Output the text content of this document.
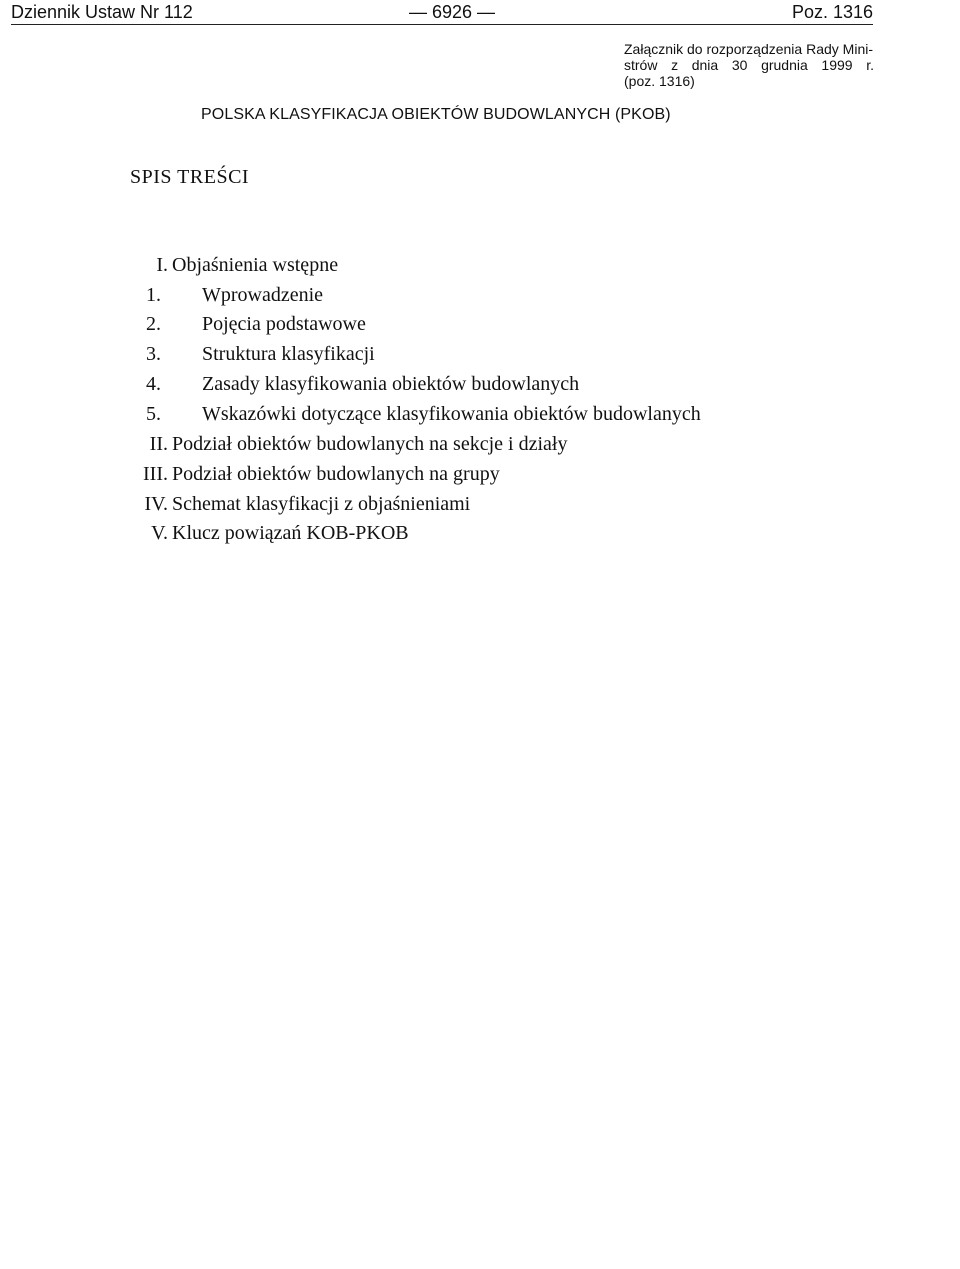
Dziennik Ustaw Nr 112	— 6926 —	Poz. 1316
Załącznik do rozporządzenia Rady Mini-
strów z dnia 30 grudnia 1999 r.
(poz. 1316)
POLSKA KLASYFIKACJA OBIEKTÓW BUDOWLANYCH (PKOB)
SPIS TREŚCI
I. Objaśnienia wstępne
1. Wprowadzenie
2. Pojęcia podstawowe
3. Struktura klasyfikacji
4. Zasady klasyfikowania obiektów budowlanych
5. Wskazówki dotyczące klasyfikowania obiektów budowlanych
II. Podział obiektów budowlanych na sekcje i działy
III. Podział obiektów budowlanych na grupy
IV. Schemat klasyfikacji z objaśnieniami
V. Klucz powiązań KOB-PKOB
